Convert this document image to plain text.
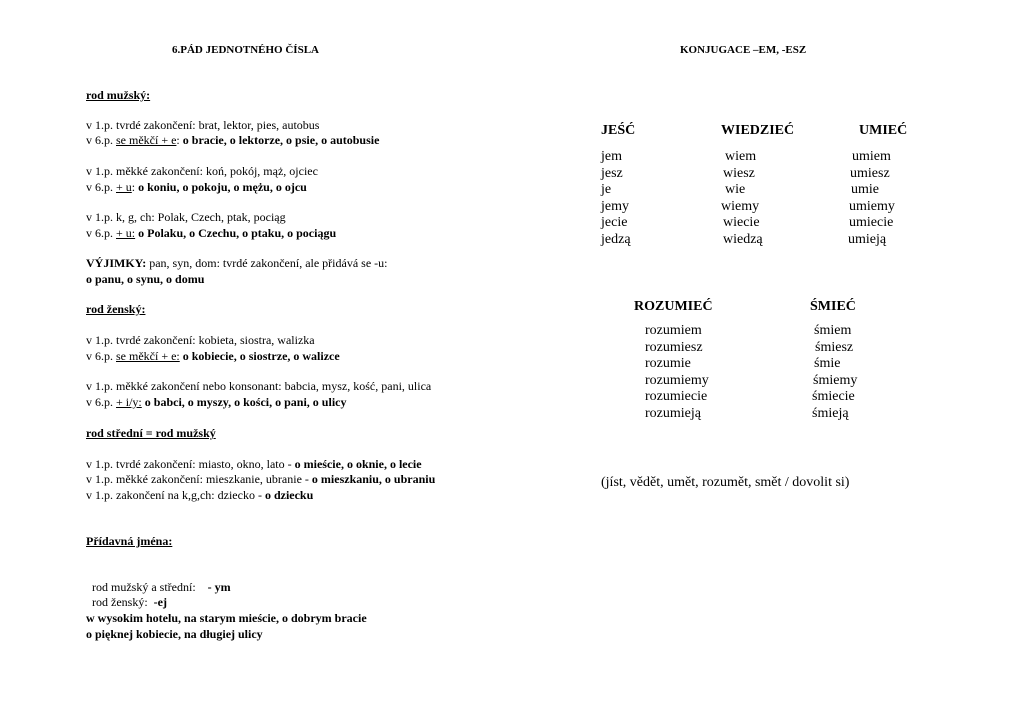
6.PÁD JEDNOTNÉHO ČÍSLA
rod mužský:
v 1.p. tvrdé zakončení: brat, lektor, pies, autobus
v 6.p. se měkčí + e: o bracie, o lektorze, o psie, o autobusie
v 1.p. měkké zakončení: koń, pokój, mąż, ojciec
v 6.p. + u: o koniu, o pokoju, o mężu, o ojcu
v 1.p. k, g, ch: Polak, Czech, ptak, pociąg
v 6.p. + u: o Polaku, o Czechu, o ptaku, o pociągu
VÝJIMKY: pan, syn, dom: tvrdé zakončení, ale přidává se -u:
o panu, o synu, o domu
rod ženský:
v 1.p. tvrdé zakončení: kobieta, siostra, walizka
v 6.p. se měkčí + e: o kobiecie, o siostrze, o walizce
v 1.p. měkké zakončení nebo konsonant: babcia, mysz, kość, pani, ulica
v 6.p. + i/y: o babci, o myszy, o kości, o pani, o ulicy
rod střední = rod mužský
v 1.p. tvrdé zakončení: miasto, okno, lato - o mieście, o oknie, o lecie
v 1.p. měkké zakončení: mieszkanie, ubranie - o mieszkaniu, o ubraniu
v 1.p. zakončení na k,g,ch: dziecko - o dziecku
Přídavná jména:

rod mužský a střední:    - ym

rod ženský:  -ej

w wysokim hotelu, na starym mieście, o dobrym bracie
o pięknej kobiecie, na długiej ulicy
KONJUGACE –EM, -ESZ
JEŚĆ
jem
jesz
je
jemy
jecie
jedzą
WIEDZIEĆ
wiem
wiesz
wie
wiemy
wiecie
wiedzą
UMIEĆ
umiem
umiesz
umie
umiemy
umiecie
umieją
ROZUMIEĆ
rozumiem
rozumiesz
rozumie
rozumiemy
rozumiecie
rozumieją
ŚMIEĆ
śmiem
śmiesz
śmie
śmiemy
śmiecie
śmieją
(jíst, vědět, umět, rozumět, smět / dovolit si)
